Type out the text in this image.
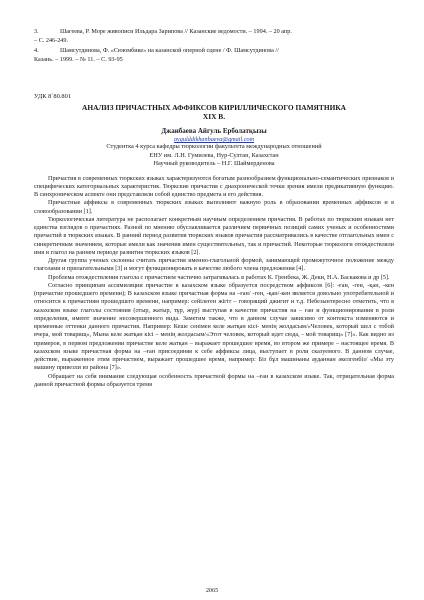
3.	Шагеева, Р. Море живописи Ильдара Зарипова // Казанские ведомости. – 1994. – 20 апр.
– С. 246-249.
4.	Шамсутдинова, Ф. «Сююмбике» на казанской оперной сцене / Ф. Шамсутдинова //
Казань. – 1999. – № 11. – С. 93-95
УДК 8`80.801
АНАЛИЗ ПРИЧАСТНЫХ АФФИКСОВ КИРИЛЛИЧЕСКОГО ПАМЯТНИКА
XIX В.
Джанбаева Айгуль Ерболатқызы
aygulddikhanbaeva@gmail.com
Студентка 4 курса кафедры тюркологии факультета международных отношений
ЕНУ им. Л.Н. Гумилева, Нур-Султан, Казахстан
Научный руководитель – Н.Г. Шаймерденова

Причастия в современных тюркских языках характеризуются богатым разнообразием функционально-семантических признаков и специфических категориальных характеристик. Тюркские причастия с диахронической точки зрения имели предикативную функцию. В синхроническом аспекте они представляли собой единство предмета и его действия.

Причастные аффиксы в современных тюркских языках выполняют важную роль в образовании временных аффиксов и в словообразовании [1].

Тюркологическая литература не располагает конкретным научным определением причастия. В работах по тюркским языкам нет единства взглядов о причастиях. Разной по мнению обуславливается различием первичных позиций самих ученых и особенностями причастий в тюркских языках. В ранний период развития тюркских языков причастия рассматривались в качестве отглагольных имен с синкретичным значением, которые имели как значения имен существительных, так и причастий. Некоторые тюркологи отождествляли имя и глагол на раннем периоде развития тюркских языков [2].

Другая группа ученых склонны считать причастия именно-глагольной формой, занимающей промежуточное положение между глаголами и прилагательными [3] и могут функционировать в качестве любого члена предложения [4].

Проблема отождествления глагола с причастием частично затрагивалась в работах К. Гренбека, Ж. Деки, Н.А. Баскакова и др [5].

Согласно принципам ассимиляции причастие в казахском языке образуется посредством аффиксов [6]: -ған, -ген, -қан, -кен (причастие прошедшего времени); В казахском языке причастная форма на –ған/ -ген, -қан/-кен является довольно употребительной и относится к причастиям прошедшего времени, например: сейілеген жігіт – говорящий джигит и т.д. Небезынтересно отметить, что в казахском языке глаголы состояния (отыр, жатыр, тұр, жүр) выступая в качестве причастия на – ған и функционирования в роли определения, имеют значение несовершенного вида. Заметим также, что в данном случае зависимо от контекста изменяются и временные оттенки данного причастия. Например: Кеше сенімен келе жатқан кісі- менің жолдасым/«Человек, который шел с тобой вчера, мой товарищ», Мына келе жатқан кісі – менің жолдасым/«Этот человек, который идет сюда, - мой товарищ» [7]». Как видно из примеров, в первом предложении причастие келе жатқан – выражает прошедшее время, во втором же примере – настоящее время. В казахском языке причастная форма на –ған присоединяя к себе аффиксы лица, выступает в роли сказуемого. В данном случае, действие, выраженное этим причастием, выражает прошедшее время, например: Біз бұл машинаны ауданнан әкелгенбіз/ «Мы эту машину привезли из района [7]».

Обращает на себя внимание следующая особенность причастной формы на –ған в казахском языке. Так, отрицательная форма данной причастной формы образуется тремя

2065
